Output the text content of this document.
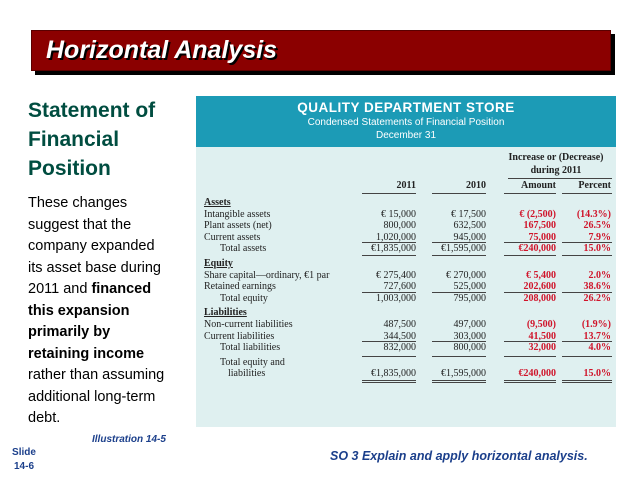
Horizontal Analysis
Statement of
Financial
Position
These changes
suggest that the
company expanded
its asset base during
2011 and financed
this expansion
primarily by
retaining income
rather than assuming
additional long-term
debt.
Illustration 14-5
Slide
14-6
SO 3 Explain and apply horizontal analysis.
QUALITY DEPARTMENT STORE
Condensed Statements of Financial Position
December 31
Increase or (Decrease)
during 2011
2011	2010	Amount	Percent
Assets
Intangible assets	€ 15,000	€ 17,500	€ (2,500)	(14.3%)
Plant assets (net)	800,000	632,500	167,500	26.5%
Current assets	1,020,000	945,000	75,000	7.9%
Total assets	€1,835,000	€1,595,000	€240,000	15.0%
Equity
Share capital—ordinary, €1 par	€ 275,400	€ 270,000	€ 5,400	2.0%
Retained earnings	727,600	525,000	202,600	38.6%
Total equity	1,003,000	795,000	208,000	26.2%
Liabilities
Non-current liabilities	487,500	497,000	(9,500)	(1.9%)
Current liabilities	344,500	303,000	41,500	13.7%
Total liabilities	832,000	800,000	32,000	4.0%
Total equity and
liabilities	€1,835,000	€1,595,000	€240,000	15.0%
